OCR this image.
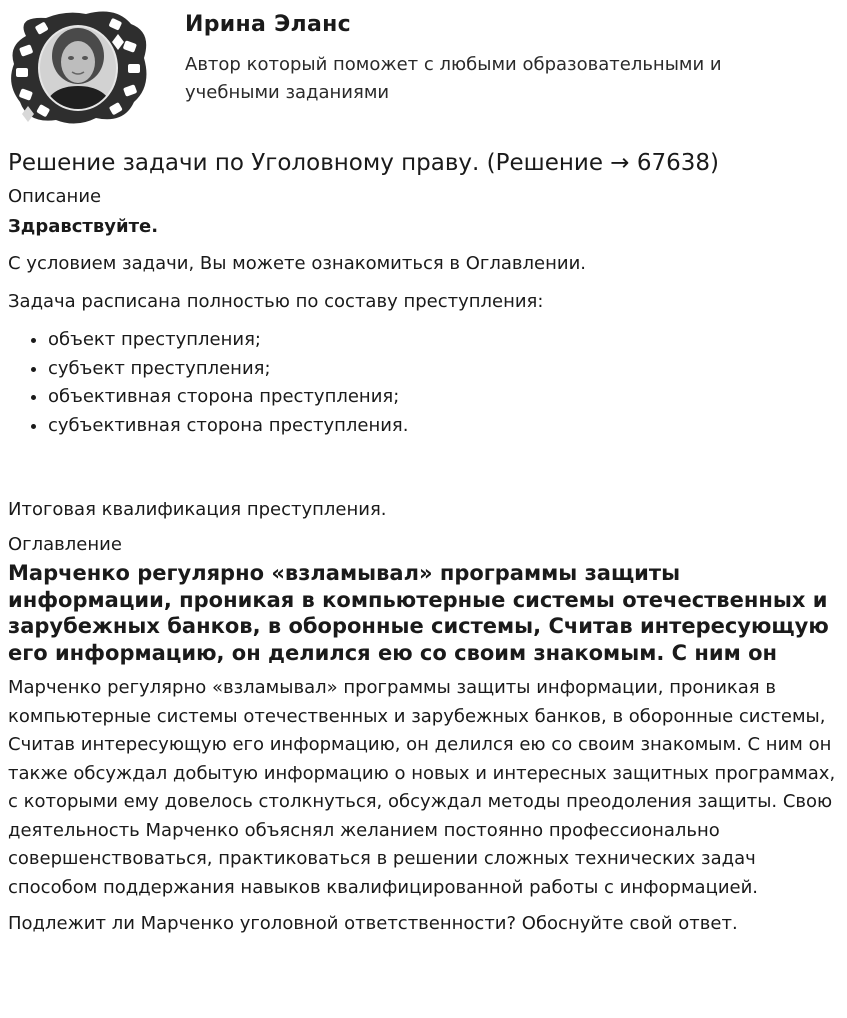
Ирина Эланс
Автор который поможет с любыми образовательными и учебными заданиями
Решение задачи по Уголовному праву. (Решение → 67638)
Описание
Здравствуйте.

С условием задачи, Вы можете ознакомиться в Оглавлении.

Задача расписана полностью по составу преступления:

• объект преступления;
• субъект преступления;
• объективная сторона преступления;
• субъективная сторона преступления.

Итоговая квалификация преступления.

Оглавление
Марченко регулярно «взламывал» программы защиты информации, проникая в компьютерные системы отечественных и зарубежных банков, в оборонные системы, Считав интересующую его информацию, он делился ею со своим знакомым. С ним он

Марченко регулярно «взламывал» программы защиты информации, проникая в компьютерные системы отечественных и зарубежных банков, в оборонные системы, Считав интересующую его информацию, он делился ею со своим знакомым. С ним он также обсуждал добытую информацию о новых и интересных защитных программах, с которыми ему довелось столкнуться, обсуждал методы преодоления защиты. Свою деятельность Марченко объяснял желанием постоянно профессионально совершенствоваться, практиковаться в решении сложных технических задач способом поддержания навыков квалифицированной работы с информацией.

Подлежит ли Марченко уголовной ответственности? Обоснуйте свой ответ.
